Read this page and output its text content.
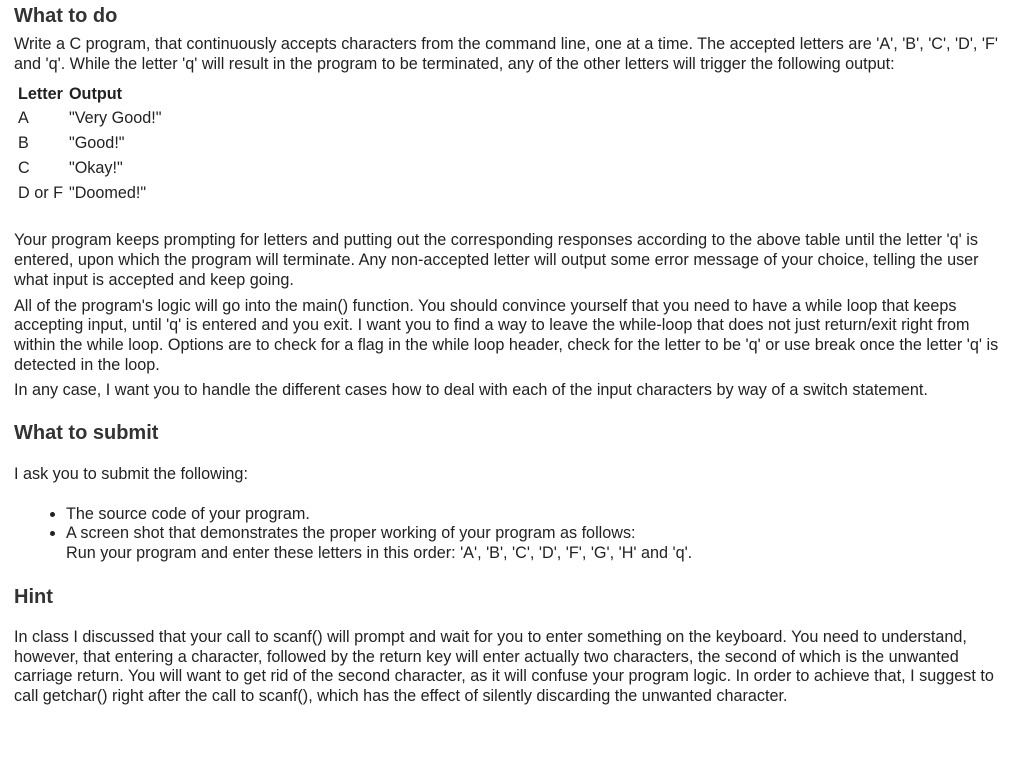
What to do

Write a C program, that continuously accepts characters from the command line, one at a time. The accepted letters are 'A', 'B', 'C', 'D', 'F' and 'q'. While the letter 'q' will result in the program to be terminated, any of the other letters will trigger the following output:

Letter	Output
A	"Very Good!"
B	"Good!"
C	"Okay!"
D or F	"Doomed!"

Your program keeps prompting for letters and putting out the corresponding responses according to the above table until the letter 'q' is entered, upon which the program will terminate. Any non-accepted letter will output some error message of your choice, telling the user what input is accepted and keep going.

All of the program's logic will go into the main() function. You should convince yourself that you need to have a while loop that keeps accepting input, until 'q' is entered and you exit. I want you to find a way to leave the while-loop that does not just return/exit right from within the while loop. Options are to check for a flag in the while loop header, check for the letter to be 'q' or use break once the letter 'q' is detected in the loop.

In any case, I want you to handle the different cases how to deal with each of the input characters by way of a switch statement.

What to submit

I ask you to submit the following:

• The source code of your program.
• A screen shot that demonstrates the proper working of your program as follows:
Run your program and enter these letters in this order: 'A', 'B', 'C', 'D', 'F', 'G', 'H' and 'q'.
Hint

In class I discussed that your call to scanf() will prompt and wait for you to enter something on the keyboard. You need to understand, however, that entering a character, followed by the return key will enter actually two characters, the second of which is the unwanted carriage return. You will want to get rid of the second character, as it will confuse your program logic. In order to achieve that, I suggest to call getchar() right after the call to scanf(), which has the effect of silently discarding the unwanted character.
